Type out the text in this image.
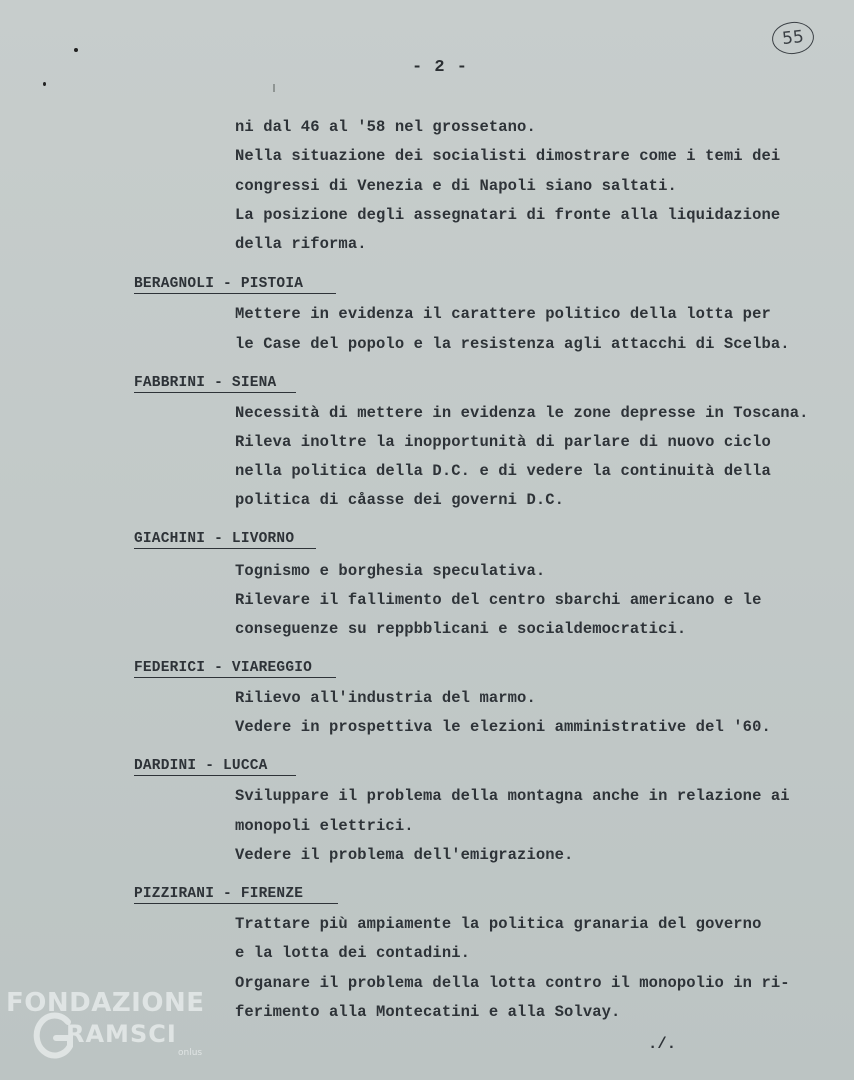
55
- 2 -
ni dal 46 al '58 nel grossetano.
Nella situazione dei socialisti dimostrare come i temi dei
congressi di Venezia e di Napoli siano saltati.
La posizione degli assegnatari di fronte alla liquidazione
della riforma.
BERAGNOLI - PISTOIA
Mettere in evidenza il carattere politico della lotta per
le Case del popolo e la resistenza agli attacchi di Scelba.
FABBRINI - SIENA
Necessità di mettere in evidenza le zone depresse in Toscana.
Rileva inoltre la inopportunità di parlare di nuovo ciclo
nella politica della D.C. e di vedere la continuità della
politica di cåasse dei governi D.C.
GIACHINI - LIVORNO
Tognismo e borghesia speculativa.
Rilevare il fallimento del centro sbarchi americano e le
conseguenze su reppbblicani e socialdemocratici.
FEDERICI - VIAREGGIO
Rilievo all'industria del marmo.
Vedere in prospettiva le elezioni amministrative del '60.
DARDINI - LUCCA
Sviluppare il problema della montagna anche in relazione ai
monopoli elettrici.
Vedere il problema dell'emigrazione.
PIZZIRANI - FIRENZE
Trattare più ampiamente la politica granaria del governo
e la lotta dei contadini.
Organare il problema della lotta contro il monopolio in ri-
ferimento alla Montecatini e alla Solvay.
./.
FONDAZIONE
RAMSCI
onlus
